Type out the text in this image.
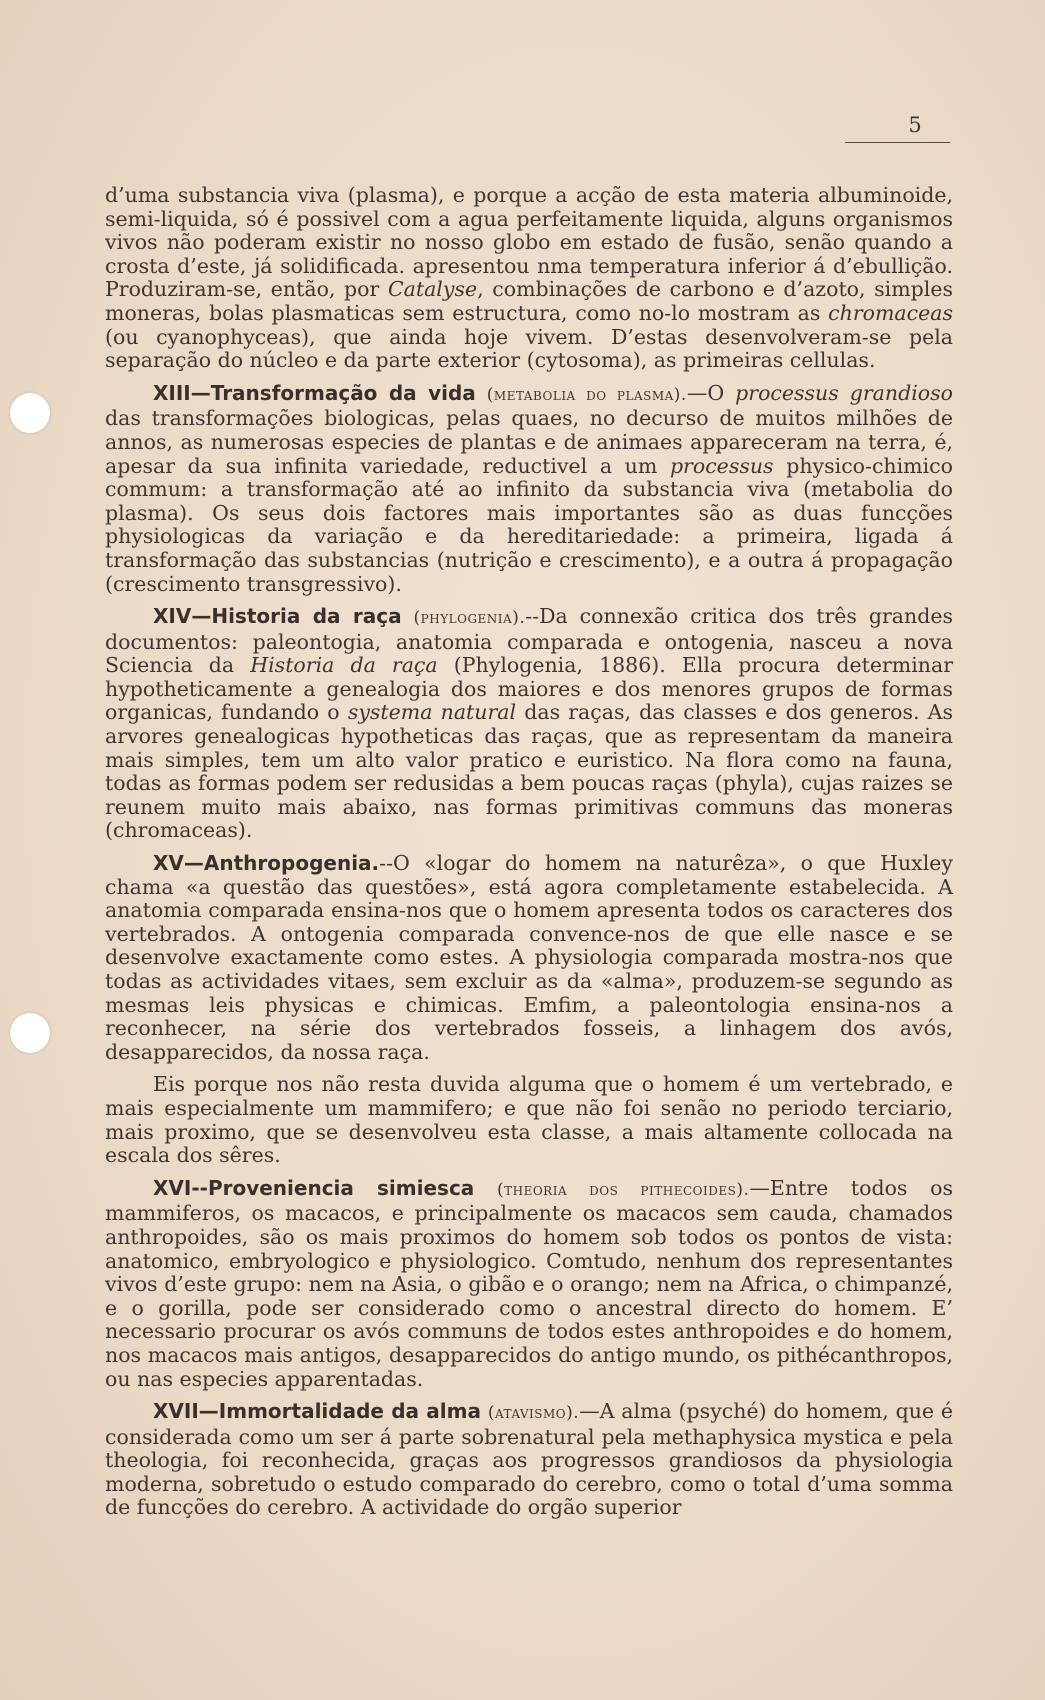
5

d’uma substancia viva (plasma), e porque a acção de esta materia albuminoide, semi-liquida, só é possivel com a agua perfeitamente liquida, alguns organismos vivos não poderam existir no nosso globo em estado de fusão, senão quando a crosta d’este, já solidificada. apresentou nma temperatura inferior á d’ebullição. Produziram-se, então, por Catalyse, combinações de carbono e d’azoto, simples moneras, bolas plasmaticas sem estructura, como no-lo mostram as chromaceas (ou cyanophyceas), que ainda hoje vivem. D’estas desenvolveram-se pela separação do núcleo e da parte exterior (cytosoma), as primeiras cellulas.

XIII—Transformação da vida (metabolia do plasma).—O processus grandioso das transformações biologicas, pelas quaes, no decurso de muitos milhões de annos, as numerosas especies de plantas e de animaes appareceram na terra, é, apesar da sua infinita variedade, reductivel a um processus physico-chimico commum: a transformação até ao infinito da substancia viva (metabolia do plasma). Os seus dois factores mais importantes são as duas funcções physiologicas da variação e da hereditariedade: a primeira, ligada á transformação das substancias (nutrição e crescimento), e a outra á propagação (crescimento transgressivo).

XIV—Historia da raça (phylogenia).--Da connexão critica dos três grandes documentos: paleontogia, anatomia comparada e ontogenia, nasceu a nova Sciencia da Historia da raça (Phylogenia, 1886). Ella procura determinar hypotheticamente a genealogia dos maiores e dos menores grupos de formas organicas, fundando o systema natural das raças, das classes e dos generos. As arvores genealogicas hypotheticas das raças, que as representam da maneira mais simples, tem um alto valor pratico e euristico. Na flora como na fauna, todas as formas podem ser redusidas a bem poucas raças (phyla), cujas raizes se reunem muito mais abaixo, nas formas primitivas communs das moneras (chromaceas).

XV—Anthropogenia.--O «logar do homem na naturêza», o que Huxley chama «a questão das questões», está agora completamente estabelecida. A anatomia comparada ensina-nos que o homem apresenta todos os caracteres dos vertebrados. A ontogenia comparada convence-nos de que elle nasce e se desenvolve exactamente como estes. A physiologia comparada mostra-nos que todas as actividades vitaes, sem excluir as da «alma», produzem-se segundo as mesmas leis physicas e chimicas. Emfim, a paleontologia ensina-nos a reconhecer, na série dos vertebrados fosseis, a linhagem dos avós, desapparecidos, da nossa raça.

Eis porque nos não resta duvida alguma que o homem é um vertebrado, e mais especialmente um mammifero; e que não foi senão no periodo terciario, mais proximo, que se desenvolveu esta classe, a mais altamente collocada na escala dos sêres.

XVI--Proveniencia simiesca (theoria dos pithecoides).—Entre todos os mammiferos, os macacos, e principalmente os macacos sem cauda, chamados anthropoides, são os mais proximos do homem sob todos os pontos de vista: anatomico, embryologico e physiologico. Comtudo, nenhum dos representantes vivos d’este grupo: nem na Asia, o gibão e o orango; nem na Africa, o chimpanzé, e o gorilla, pode ser considerado como o ancestral directo do homem. E’ necessario procurar os avós communs de todos estes anthropoides e do homem, nos macacos mais antigos, desapparecidos do antigo mundo, os pithécanthropos, ou nas especies apparentadas.

XVII—Immortalidade da alma (atavismo).—A alma (psyché) do homem, que é considerada como um ser á parte sobrenatural pela methaphysica mystica e pela theologia, foi reconhecida, graças aos progressos grandiosos da physiologia moderna, sobretudo o estudo comparado do cerebro, como o total d’uma somma de funcções do cerebro. A actividade do orgão superior
